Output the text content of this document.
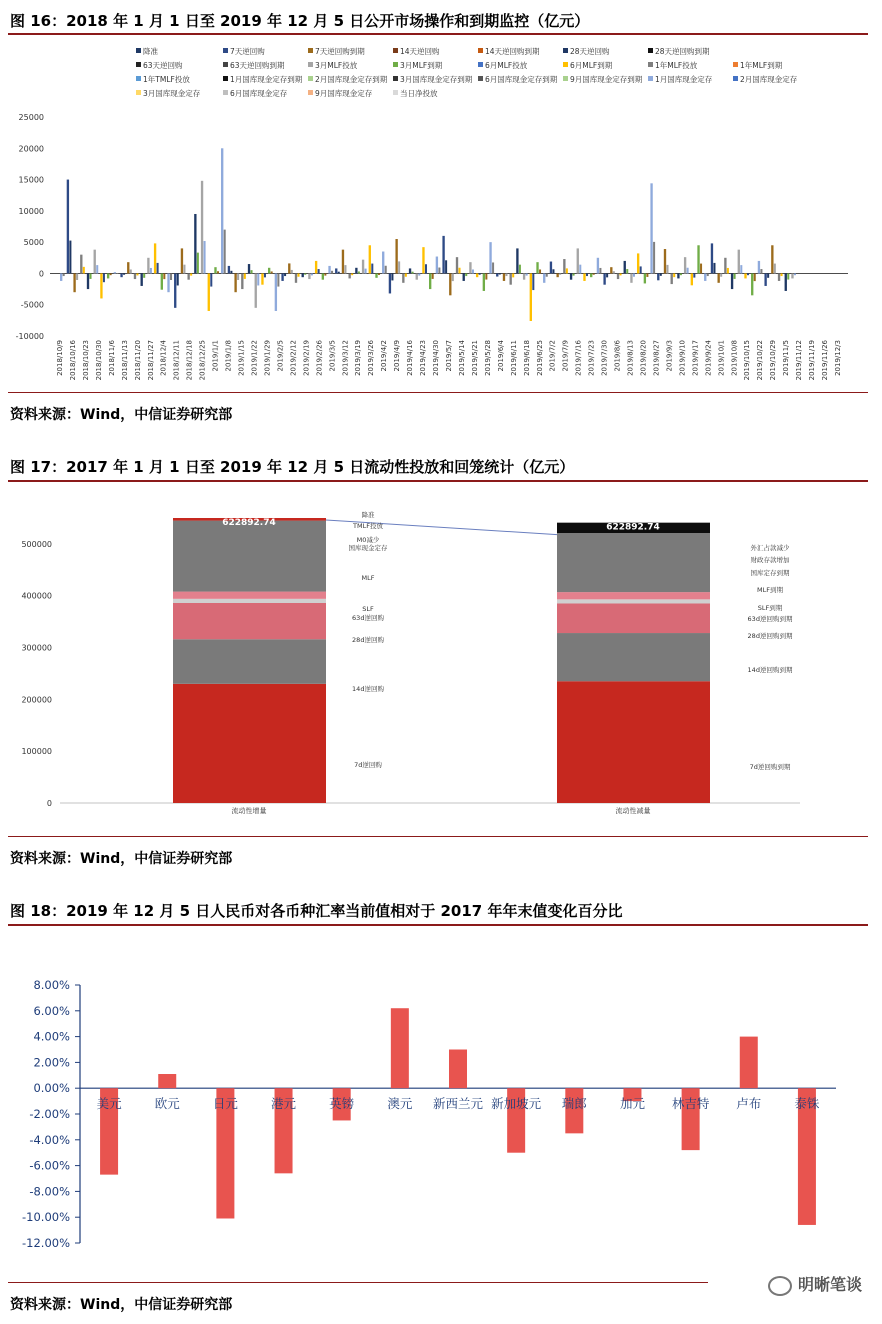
图 16：2018 年 1 月 1 日至 2019 年 12 月 5 日公开市场操作和到期监控（亿元）
降准	7天逆回购	7天逆回购到期	14天逆回购	14天逆回购到期	28天逆回购	28天逆回购到期
63天逆回购	63天逆回购到期	3月MLF投放	3月MLF到期	6月MLF投放	6月MLF到期	1年MLF投放	1年MLF到期
1年TMLF投放	1月国库现金定存到期 2月国库现金定存到期 3月国库现金定存到期 6月国库现金定存到期 9月国库现金定存到期 1月国库现金定存	2月国库现金定存
3月国库现金定存	6月国库现金定存	9月国库现金定存	当日净投放
25000
20000
15000
10000
5000
0
-5000
-10000
2018/10/9 2018/10/16 2018/10/23 2018/10/30 2018/11/6 2018/11/13 2018/11/20 2018/11/27 2018/12/4 2018/12/11 2018/12/18 2018/12/25 2019/1/1 2019/1/8 2019/1/15 2019/1/22 2019/1/29 2019/2/5 2019/2/12 2019/2/19 2019/2/26 2019/3/5 2019/3/12 2019/3/19 2019/3/26 2019/4/2 2019/4/9 2019/4/16 2019/4/23 2019/4/30 2019/5/7 2019/5/14 2019/5/21 2019/5/28 2019/6/4 2019/6/11 2019/6/18 2019/6/25 2019/7/2 2019/7/9 2019/7/16 2019/7/23 2019/7/30 2019/8/6 2019/8/13 2019/8/20 2019/8/27 2019/9/3 2019/9/10 2019/9/17 2019/9/24 2019/10/1 2019/10/8 2019/10/15 2019/10/22 2019/10/29 2019/11/5 2019/11/12 2019/11/19 2019/11/26 2019/12/3
资料来源：Wind，中信证券研究部
图 17：2017 年 1 月 1 日至 2019 年 12 月 5 日流动性投放和回笼统计（亿元）
0
100000
200000
300000
400000
500000
622892.74	622892.74
流动性增量	流动性减量
降准
TMLF投放
M0减少
国库现金定存
MLF
SLF
63d逆回购
28d逆回购
14d逆回购
7d逆回购
外汇占款减少
财政存款增加
国库定存到期
MLF到期
SLF到期
63d逆回购到期
28d逆回购到期
14d逆回购到期
7d逆回购到期
资料来源：Wind，中信证券研究部
图 18：2019 年 12 月 5 日人民币对各币种汇率当前值相对于 2017 年年末值变化百分比
8.00%
6.00%
4.00%
2.00%
0.00%
-2.00%
-4.00%
-6.00%
-8.00%
-10.00%
-12.00%
美元	欧元	日元	港元	英镑	澳元 新西兰元 新加坡元 瑞郎	加元 林吉特 卢布	泰铢
明晰笔谈
资料来源：Wind，中信证券研究部
